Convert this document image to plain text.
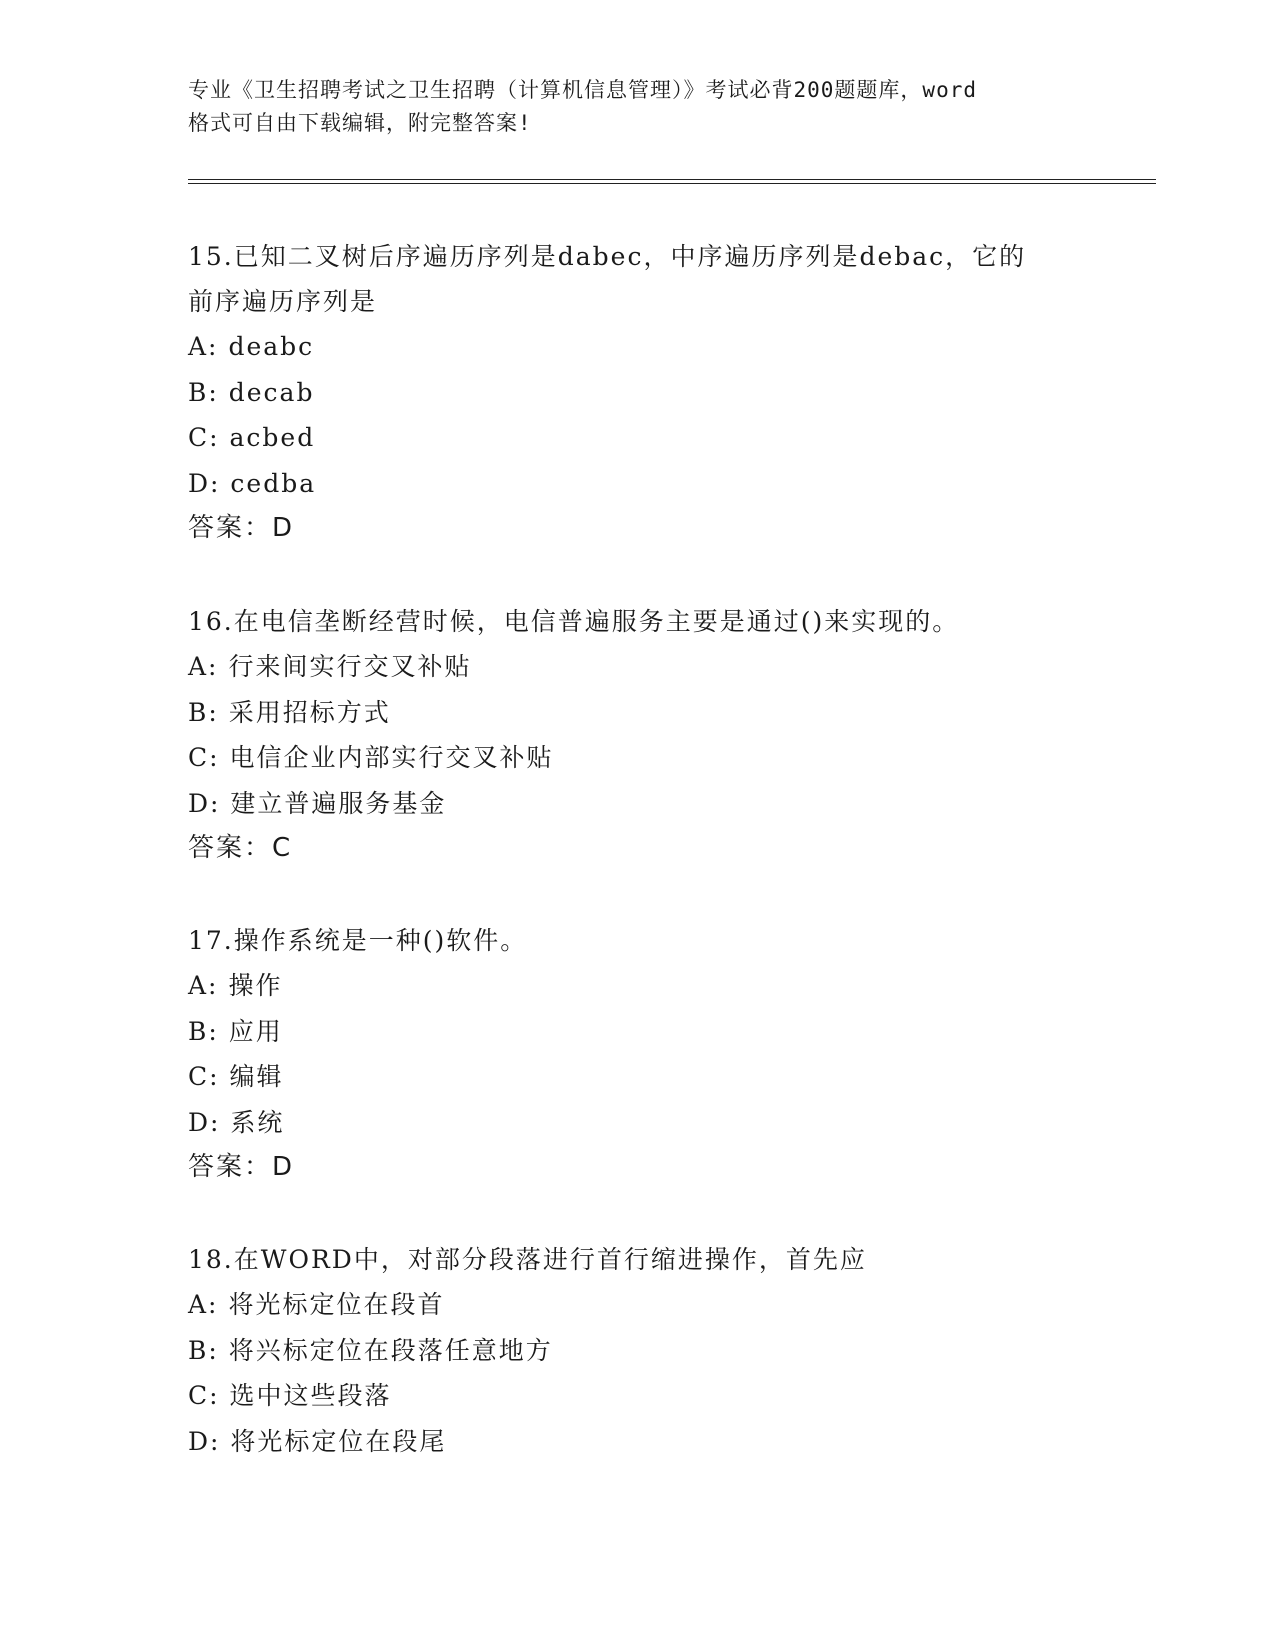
专业《卫生招聘考试之卫生招聘（计算机信息管理）》考试必背200题题库，word
格式可自由下载编辑，附完整答案!

15.已知二叉树后序遍历序列是dabec，中序遍历序列是debac，它的

前序遍历序列是

A: deabc

B: decab

C: acbed

D: cedba

答案：D

16.在电信垄断经营时候，电信普遍服务主要是通过()来实现的。

A: 行来间实行交叉补贴

B: 采用招标方式

C: 电信企业内部实行交叉补贴

D: 建立普遍服务基金

答案：C

17.操作系统是一种()软件。

A: 操作

B: 应用

C: 编辑

D: 系统

答案：D

18.在WORD中，对部分段落进行首行缩进操作，首先应

A: 将光标定位在段首

B: 将兴标定位在段落任意地方

C: 选中这些段落

D: 将光标定位在段尾
